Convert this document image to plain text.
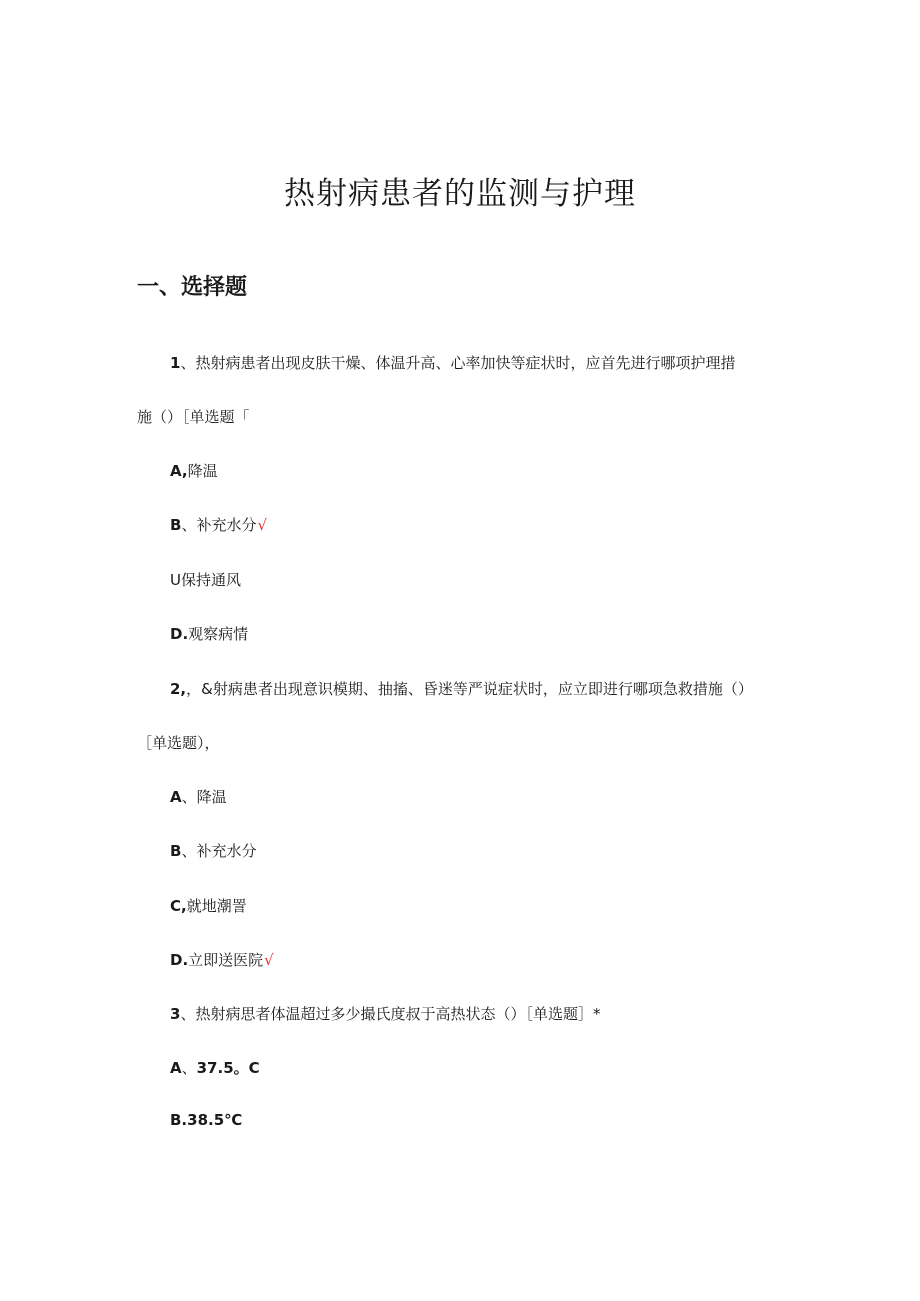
热射病患者的监测与护理
一、选择题

1、热射病患者出现皮肤干燥、体温升高、心率加快等症状时，应首先进行哪项护理措

施（）［单选题「

A,降温

B、补充水分√

U保持通风

D.观察病情

2,，&射病患者出现意识模期、抽搐、昏迷等严说症状时，应立即进行哪项急救措施（）

［单选题），

A、降温

B、补充水分

C,就地潮詈

D.立即送医院√

3、热射病思者体温超过多少撮氏度叔于高热状态（）［单选题］*

A、37.5。C

B.38.5℃
